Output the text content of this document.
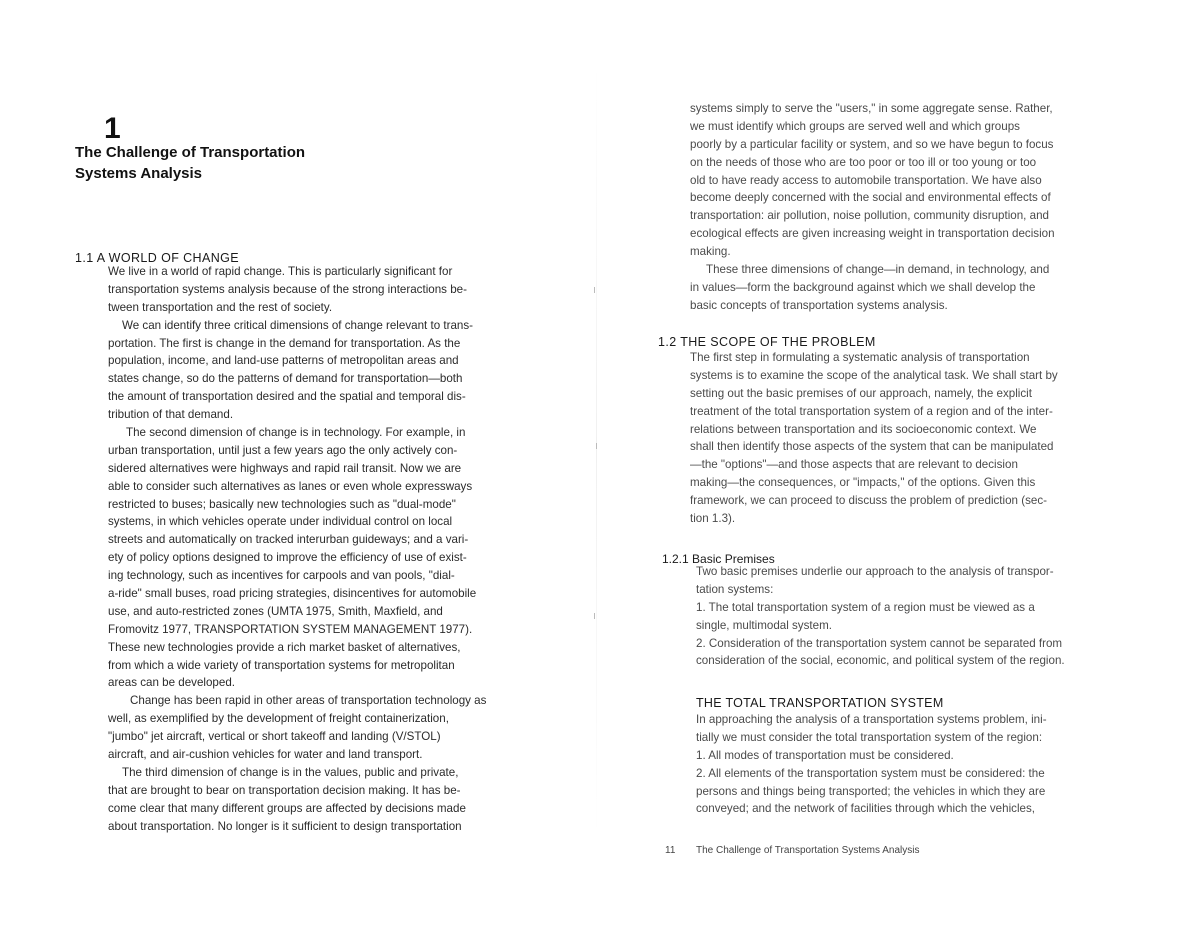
1
The Challenge of Transportation
Systems Analysis
1.1 A WORLD OF CHANGE
We live in a world of rapid change. This is particularly significant for
transportation systems analysis because of the strong interactions be-
tween transportation and the rest of society.
We can identify three critical dimensions of change relevant to trans-
portation. The first is change in the demand for transportation. As the
population, income, and land-use patterns of metropolitan areas and
states change, so do the patterns of demand for transportation—both
the amount of transportation desired and the spatial and temporal dis-
tribution of that demand.
The second dimension of change is in technology. For example, in
urban transportation, until just a few years ago the only actively con-
sidered alternatives were highways and rapid rail transit. Now we are
able to consider such alternatives as lanes or even whole expressways
restricted to buses; basically new technologies such as "dual-mode"
systems, in which vehicles operate under individual control on local
streets and automatically on tracked interurban guideways; and a vari-
ety of policy options designed to improve the efficiency of use of exist-
ing technology, such as incentives for carpools and van pools, "dial-
a-ride" small buses, road pricing strategies, disincentives for automobile
use, and auto-restricted zones (UMTA 1975, Smith, Maxfield, and
Fromovitz 1977, TRANSPORTATION SYSTEM MANAGEMENT 1977).
These new technologies provide a rich market basket of alternatives,
from which a wide variety of transportation systems for metropolitan
areas can be developed.
Change has been rapid in other areas of transportation technology as
well, as exemplified by the development of freight containerization,
"jumbo" jet aircraft, vertical or short takeoff and landing (V/STOL)
aircraft, and air-cushion vehicles for water and land transport.
The third dimension of change is in the values, public and private,
that are brought to bear on transportation decision making. It has be-
come clear that many different groups are affected by decisions made
about transportation. No longer is it sufficient to design transportation
systems simply to serve the "users," in some aggregate sense. Rather,
we must identify which groups are served well and which groups
poorly by a particular facility or system, and so we have begun to focus
on the needs of those who are too poor or too ill or too young or too
old to have ready access to automobile transportation. We have also
become deeply concerned with the social and environmental effects of
transportation: air pollution, noise pollution, community disruption, and
ecological effects are given increasing weight in transportation decision
making.
These three dimensions of change—in demand, in technology, and
in values—form the background against which we shall develop the
basic concepts of transportation systems analysis.
1.2 THE SCOPE OF THE PROBLEM
The first step in formulating a systematic analysis of transportation
systems is to examine the scope of the analytical task. We shall start by
setting out the basic premises of our approach, namely, the explicit
treatment of the total transportation system of a region and of the inter-
relations between transportation and its socioeconomic context. We
shall then identify those aspects of the system that can be manipulated
—the "options"—and those aspects that are relevant to decision
making—the consequences, or "impacts," of the options. Given this
framework, we can proceed to discuss the problem of prediction (sec-
tion 1.3).
1.2.1 Basic Premises
Two basic premises underlie our approach to the analysis of transpor-
tation systems:
1. The total transportation system of a region must be viewed as a
single, multimodal system.
2. Consideration of the transportation system cannot be separated from
consideration of the social, economic, and political system of the region.
THE TOTAL TRANSPORTATION SYSTEM
In approaching the analysis of a transportation systems problem, ini-
tially we must consider the total transportation system of the region:
1. All modes of transportation must be considered.
2. All elements of the transportation system must be considered: the
persons and things being transported; the vehicles in which they are
conveyed; and the network of facilities through which the vehicles,
11 The Challenge of Transportation Systems Analysis
